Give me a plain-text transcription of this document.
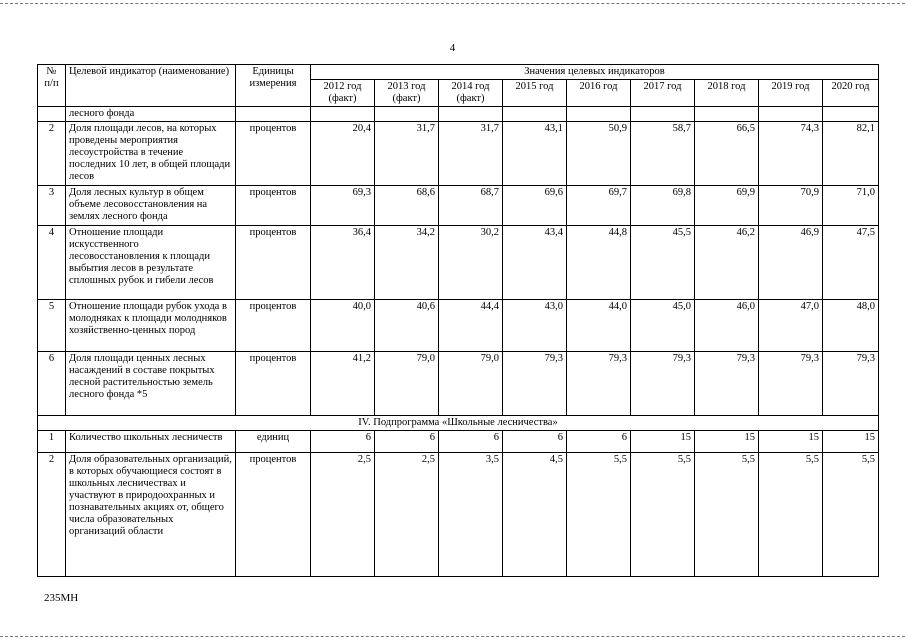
4
№ п/п	Целевой индикатор (наименование)	Единицы измерения	Значения целевых индикаторов								
			2012 год (факт)	2013 год (факт)	2014 год (факт)	2015 год	2016 год	2017 год	2018 год	2019 год	2020 год
	лесного фонда										
2	Доля площади лесов, на которых проведены мероприятия лесоустройства в течение последних 10 лет, в общей площади лесов	процентов	20,4	31,7	31,7	43,1	50,9	58,7	66,5	74,3	82,1
3	Доля лесных культур в общем объеме лесовосстановления на землях лесного фонда	процентов	69,3	68,6	68,7	69,6	69,7	69,8	69,9	70,9	71,0
4	Отношение площади искусственного лесовосстановления к площади выбытия лесов в результате сплошных рубок и гибели лесов	процентов	36,4	34,2	30,2	43,4	44,8	45,5	46,2	46,9	47,5
5	Отношение площади рубок ухода в молодняках к площади молодняков хозяйственно-ценных пород	процентов	40,0	40,6	44,4	43,0	44,0	45,0	46,0	47,0	48,0
6	Доля площади ценных лесных насаждений в составе покрытых лесной растительностью земель лесного фонда *5	процентов	41,2	79,0	79,0	79,3	79,3	79,3	79,3	79,3	79,3
IV. Подпрограмма «Школьные лесничества»											
1	Количество школьных лесничеств	единиц	6	6	6	6	6	15	15	15	15
2	Доля образовательных организаций, в которых обучающиеся состоят в школьных лесничествах и участвуют в природоохранных и познавательных акциях от, общего числа образовательных организаций области	процентов	2,5	2,5	3,5	4,5	5,5	5,5	5,5	5,5	5,5
235МН
